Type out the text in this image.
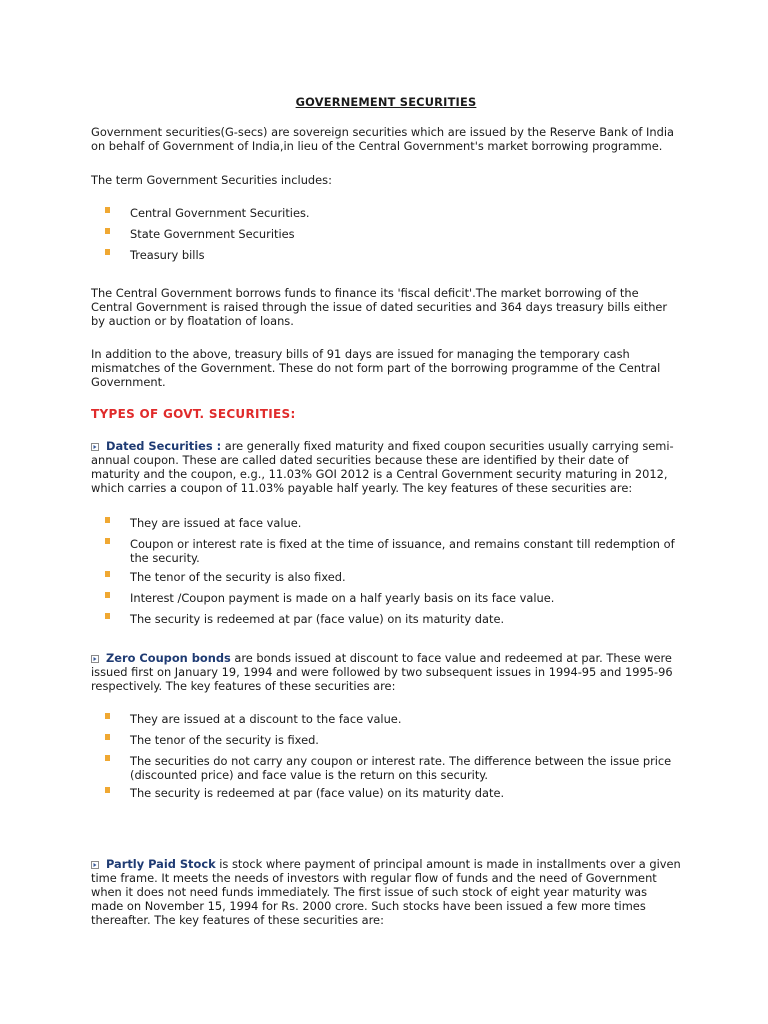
GOVERNEMENT SECURITIES

Government securities(G-secs) are sovereign securities which are issued by the Reserve Bank of India on behalf of Government of India,in lieu of the Central Government's market borrowing programme.

The term Government Securities includes:

Central Government Securities.
State Government Securities
Treasury bills

The Central Government borrows funds to finance its 'fiscal deficit'.The market borrowing of the Central Government is raised through the issue of dated securities and 364 days treasury bills either by auction or by floatation of loans.

In addition to the above, treasury bills of 91 days are issued for managing the temporary cash mismatches of the Government. These do not form part of the borrowing programme of the Central Government.

TYPES OF GOVT. SECURITIES:

Dated Securities : are generally fixed maturity and fixed coupon securities usually carrying semi-annual coupon. These are called dated securities because these are identified by their date of maturity and the coupon, e.g., 11.03% GOI 2012 is a Central Government security maturing in 2012, which carries a coupon of 11.03% payable half yearly. The key features of these securities are:

They are issued at face value.
Coupon or interest rate is fixed at the time of issuance, and remains constant till redemption of the security.
The tenor of the security is also fixed.
Interest /Coupon payment is made on a half yearly basis on its face value.
The security is redeemed at par (face value) on its maturity date.

Zero Coupon bonds are bonds issued at discount to face value and redeemed at par. These were issued first on January 19, 1994 and were followed by two subsequent issues in 1994-95 and 1995-96 respectively. The key features of these securities are:

They are issued at a discount to the face value.
The tenor of the security is fixed.
The securities do not carry any coupon or interest rate. The difference between the issue price (discounted price) and face value is the return on this security.
The security is redeemed at par (face value) on its maturity date.

Partly Paid Stock is stock where payment of principal amount is made in installments over a given time frame. It meets the needs of investors with regular flow of funds and the need of Government when it does not need funds immediately. The first issue of such stock of eight year maturity was made on November 15, 1994 for Rs. 2000 crore. Such stocks have been issued a few more times thereafter. The key features of these securities are:
